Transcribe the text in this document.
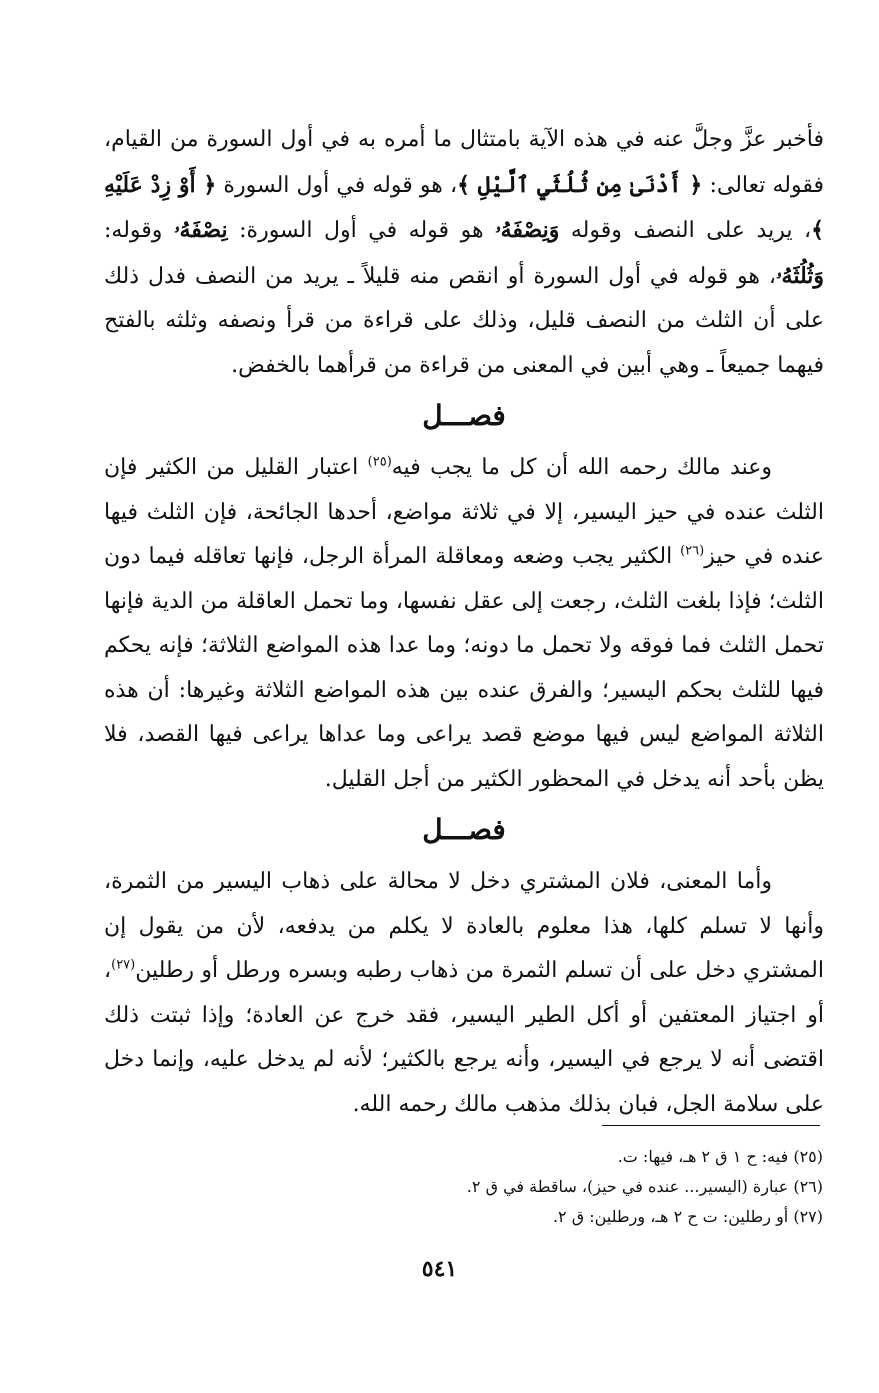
فأخبر عزَّ وجلَّ عنه في هذه الآية بامتثال ما أمره به في أول السورة من القيام، فقوله تعالى: ﴿ أَدْنَىٰ مِن ثُلُثَيِ ٱلَّيْلِ ﴾، هو قوله في أول السورة ﴿ أَوْ زِدْ عَلَيْهِ ﴾، يريد على النصف وقوله وَنِصْفَهُۥ هو قوله في أول السورة: نِصْفَهُۥ وقوله: وَثُلُثَهُۥ، هو قوله في أول السورة أو انقص منه قليلاً ـ يريد من النصف فدل ذلك على أن الثلث من النصف قليل، وذلك على قراءة من قرأ ونصفه وثلثه بالفتح فيهما جميعاً ـ وهي أبين في المعنى من قراءة من قرأهما بالخفض.

فصـــل

وعند مالك رحمه الله أن كل ما يجب فيه$^{(٢٥)}$ اعتبار القليل من الكثير فإن الثلث عنده في حيز اليسير، إلا في ثلاثة مواضع، أحدها الجائحة، فإن الثلث فيها عنده في حيز$^{(٢٦)}$ الكثير يجب وضعه ومعاقلة المرأة الرجل، فإنها تعاقله فيما دون الثلث؛ فإذا بلغت الثلث، رجعت إلى عقل نفسها، وما تحمل العاقلة من الدية فإنها تحمل الثلث فما فوقه ولا تحمل ما دونه؛ وما عدا هذه المواضع الثلاثة؛ فإنه يحكم فيها للثلث بحكم اليسير؛ والفرق عنده بين هذه المواضع الثلاثة وغيرها: أن هذه الثلاثة المواضع ليس فيها موضع قصد يراعى وما عداها يراعى فيها القصد، فلا يظن بأحد أنه يدخل في المحظور الكثير من أجل القليل.

فصـــل

وأما المعنى، فلان المشتري دخل لا محالة على ذهاب اليسير من الثمرة، وأنها لا تسلم كلها، هذا معلوم بالعادة لا يكلم من يدفعه، لأن من يقول إن المشتري دخل على أن تسلم الثمرة من ذهاب رطبه وبسره ورطل أو رطلين$^{(٢٧)}$، أو اجتياز المعتفين أو أكل الطير اليسير، فقد خرج عن العادة؛ وإذا ثبتت ذلك اقتضى أنه لا يرجع في اليسير، وأنه يرجع بالكثير؛ لأنه لم يدخل عليه، وإنما دخل على سلامة الجل، فبان بذلك مذهب مالك رحمه الله.

(٢٥) فيه: ح ١ ق ٢ هـ، فيها: ت.

(٢٦) عبارة (اليسير... عنده في حيز)، ساقطة في ق ٢.

(٢٧) أو رطلين: ت ح ٢ هـ، ورطلين: ق ٢.

٥٤١
